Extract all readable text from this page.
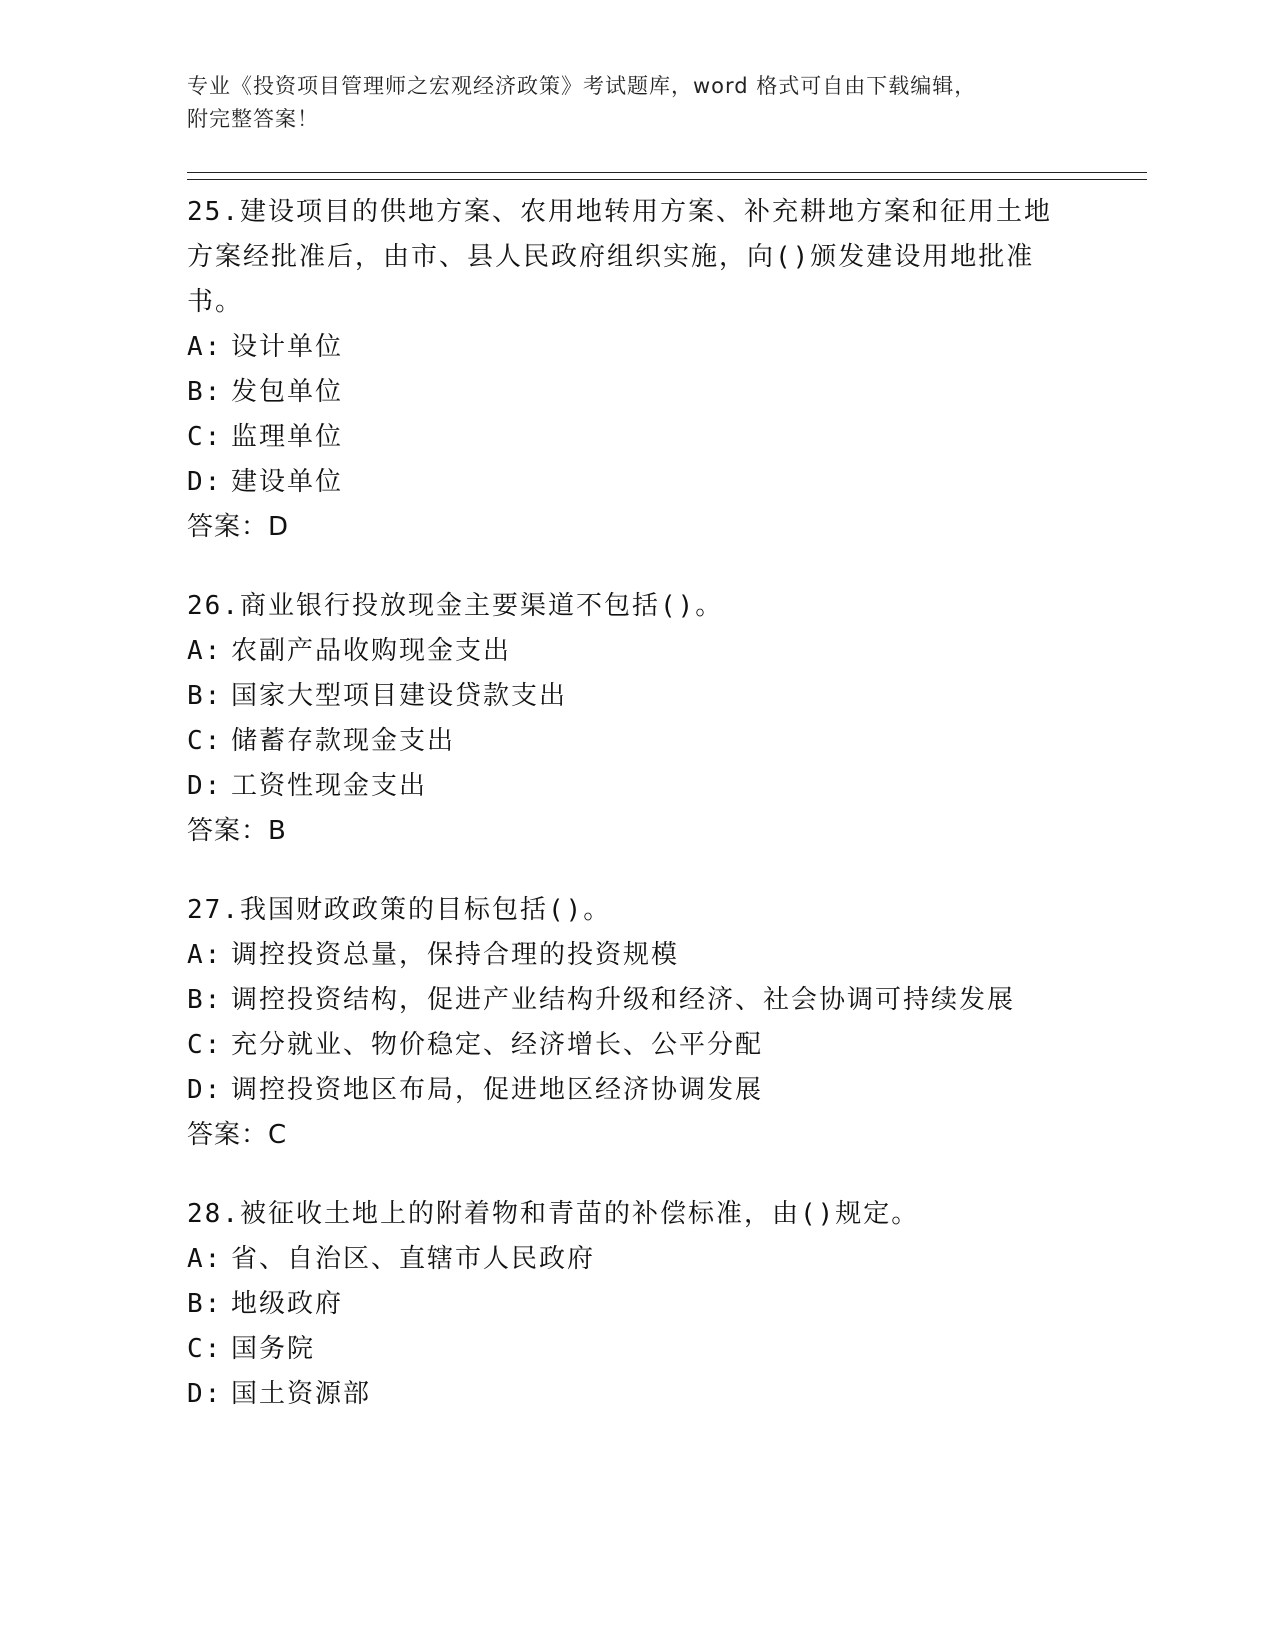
专业《投资项目管理师之宏观经济政策》考试题库，word 格式可自由下载编辑，
附完整答案！

25 . 建设项目的供地方案、农用地转用方案、补充耕地方案和征用土地方案经批准后，由市、县人民政府组织实施，向()颁发建设用地批准书。

A: 设计单位
B: 发包单位
C: 监理单位
D: 建设单位
答案：D

26 . 商业银行投放现金主要渠道不包括()。

A: 农副产品收购现金支出
B: 国家大型项目建设贷款支出
C: 储蓄存款现金支出
D: 工资性现金支出
答案：B

27 . 我国财政政策的目标包括()。

A: 调控投资总量，保持合理的投资规模
B: 调控投资结构，促进产业结构升级和经济、社会协调可持续发展
C: 充分就业、物价稳定、经济增长、公平分配
D: 调控投资地区布局，促进地区经济协调发展
答案：C

28 . 被征收土地上的附着物和青苗的补偿标准，由()规定。

A: 省、自治区、直辖市人民政府
B: 地级政府
C: 国务院
D: 国土资源部
